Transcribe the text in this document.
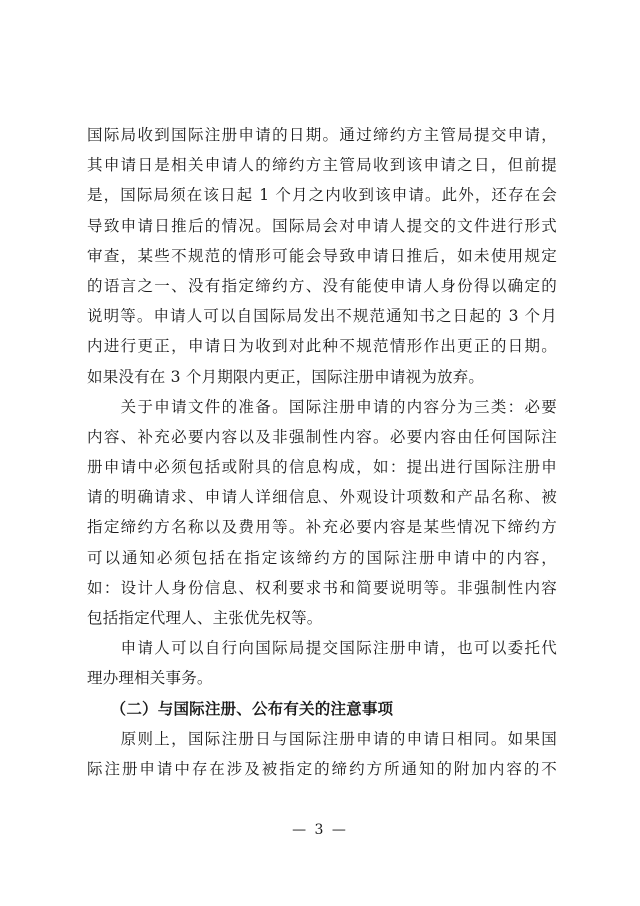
国际局收到国际注册申请的日期。通过缔约方主管局提交申请，
其申请日是相关申请人的缔约方主管局收到该申请之日，但前提
是，国际局须在该日起 1 个月之内收到该申请。此外，还存在会
导致申请日推后的情况。国际局会对申请人提交的文件进行形式
审查，某些不规范的情形可能会导致申请日推后，如未使用规定
的语言之一、没有指定缔约方、没有能使申请人身份得以确定的
说明等。申请人可以自国际局发出不规范通知书之日起的 3 个月
内进行更正，申请日为收到对此种不规范情形作出更正的日期。
如果没有在 3 个月期限内更正，国际注册申请视为放弃。
　　关于申请文件的准备。国际注册申请的内容分为三类：必要
内容、补充必要内容以及非强制性内容。必要内容由任何国际注
册申请中必须包括或附具的信息构成，如：提出进行国际注册申
请的明确请求、申请人详细信息、外观设计项数和产品名称、被
指定缔约方名称以及费用等。补充必要内容是某些情况下缔约方
可以通知必须包括在指定该缔约方的国际注册申请中的内容，
如：设计人身份信息、权利要求书和简要说明等。非强制性内容
包括指定代理人、主张优先权等。
　　申请人可以自行向国际局提交国际注册申请，也可以委托代
理办理相关事务。
　　（二）与国际注册、公布有关的注意事项
　　原则上，国际注册日与国际注册申请的申请日相同。如果国
际注册申请中存在涉及被指定的缔约方所通知的附加内容的不
— 3 —
